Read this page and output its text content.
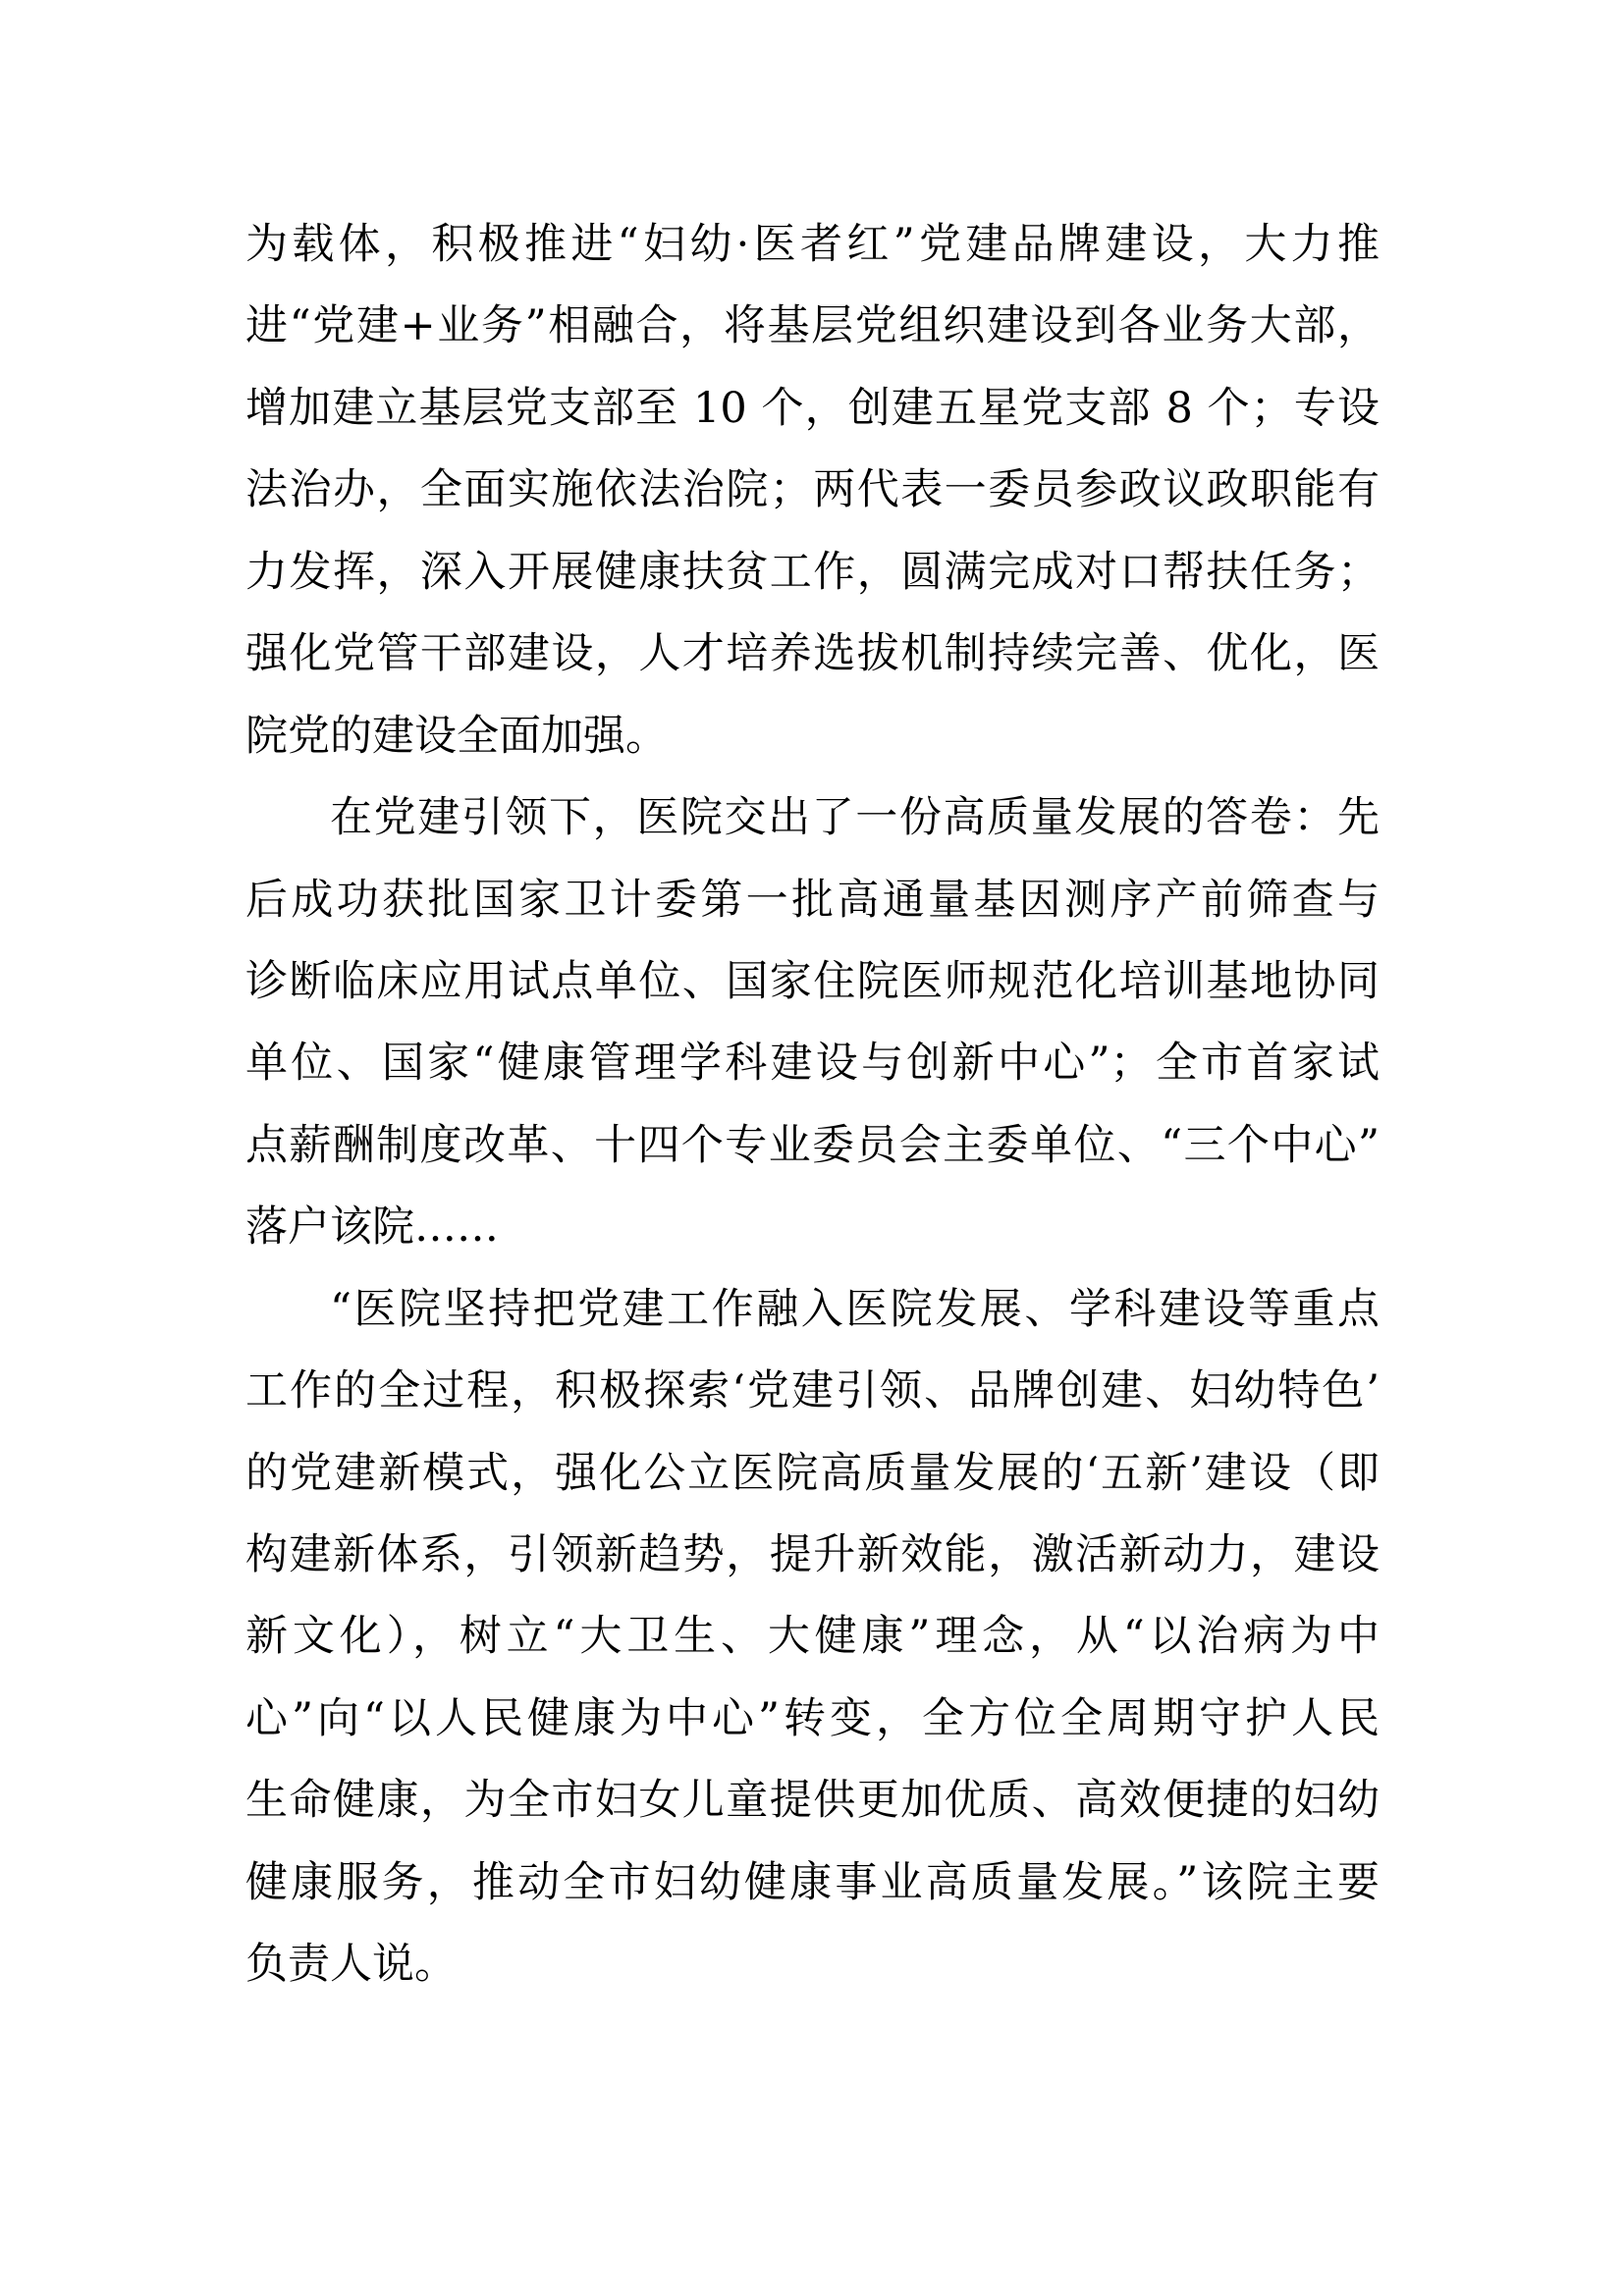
为载体，积极推进“妇幼·医者红”党建品牌建设，大力推
进“党建+业务”相融合，将基层党组织建设到各业务大部，
增加建立基层党支部至 10 个，创建五星党支部 8 个；专设
法治办，全面实施依法治院；两代表一委员参政议政职能有
力发挥，深入开展健康扶贫工作，圆满完成对口帮扶任务；
强化党管干部建设，人才培养选拔机制持续完善、优化，医
院党的建设全面加强。
在党建引领下，医院交出了一份高质量发展的答卷：先
后成功获批国家卫计委第一批高通量基因测序产前筛查与
诊断临床应用试点单位、国家住院医师规范化培训基地协同
单位、国家“健康管理学科建设与创新中心”；全市首家试
点薪酬制度改革、十四个专业委员会主委单位、“三个中心”
落户该院……
“医院坚持把党建工作融入医院发展、学科建设等重点
工作的全过程，积极探索‘党建引领、品牌创建、妇幼特色’
的党建新模式，强化公立医院高质量发展的‘五新’建设（即
构建新体系，引领新趋势，提升新效能，激活新动力，建设
新文化），树立“大卫生、大健康”理念，从“以治病为中
心”向“以人民健康为中心”转变，全方位全周期守护人民
生命健康，为全市妇女儿童提供更加优质、高效便捷的妇幼
健康服务，推动全市妇幼健康事业高质量发展。”该院主要
负责人说。
